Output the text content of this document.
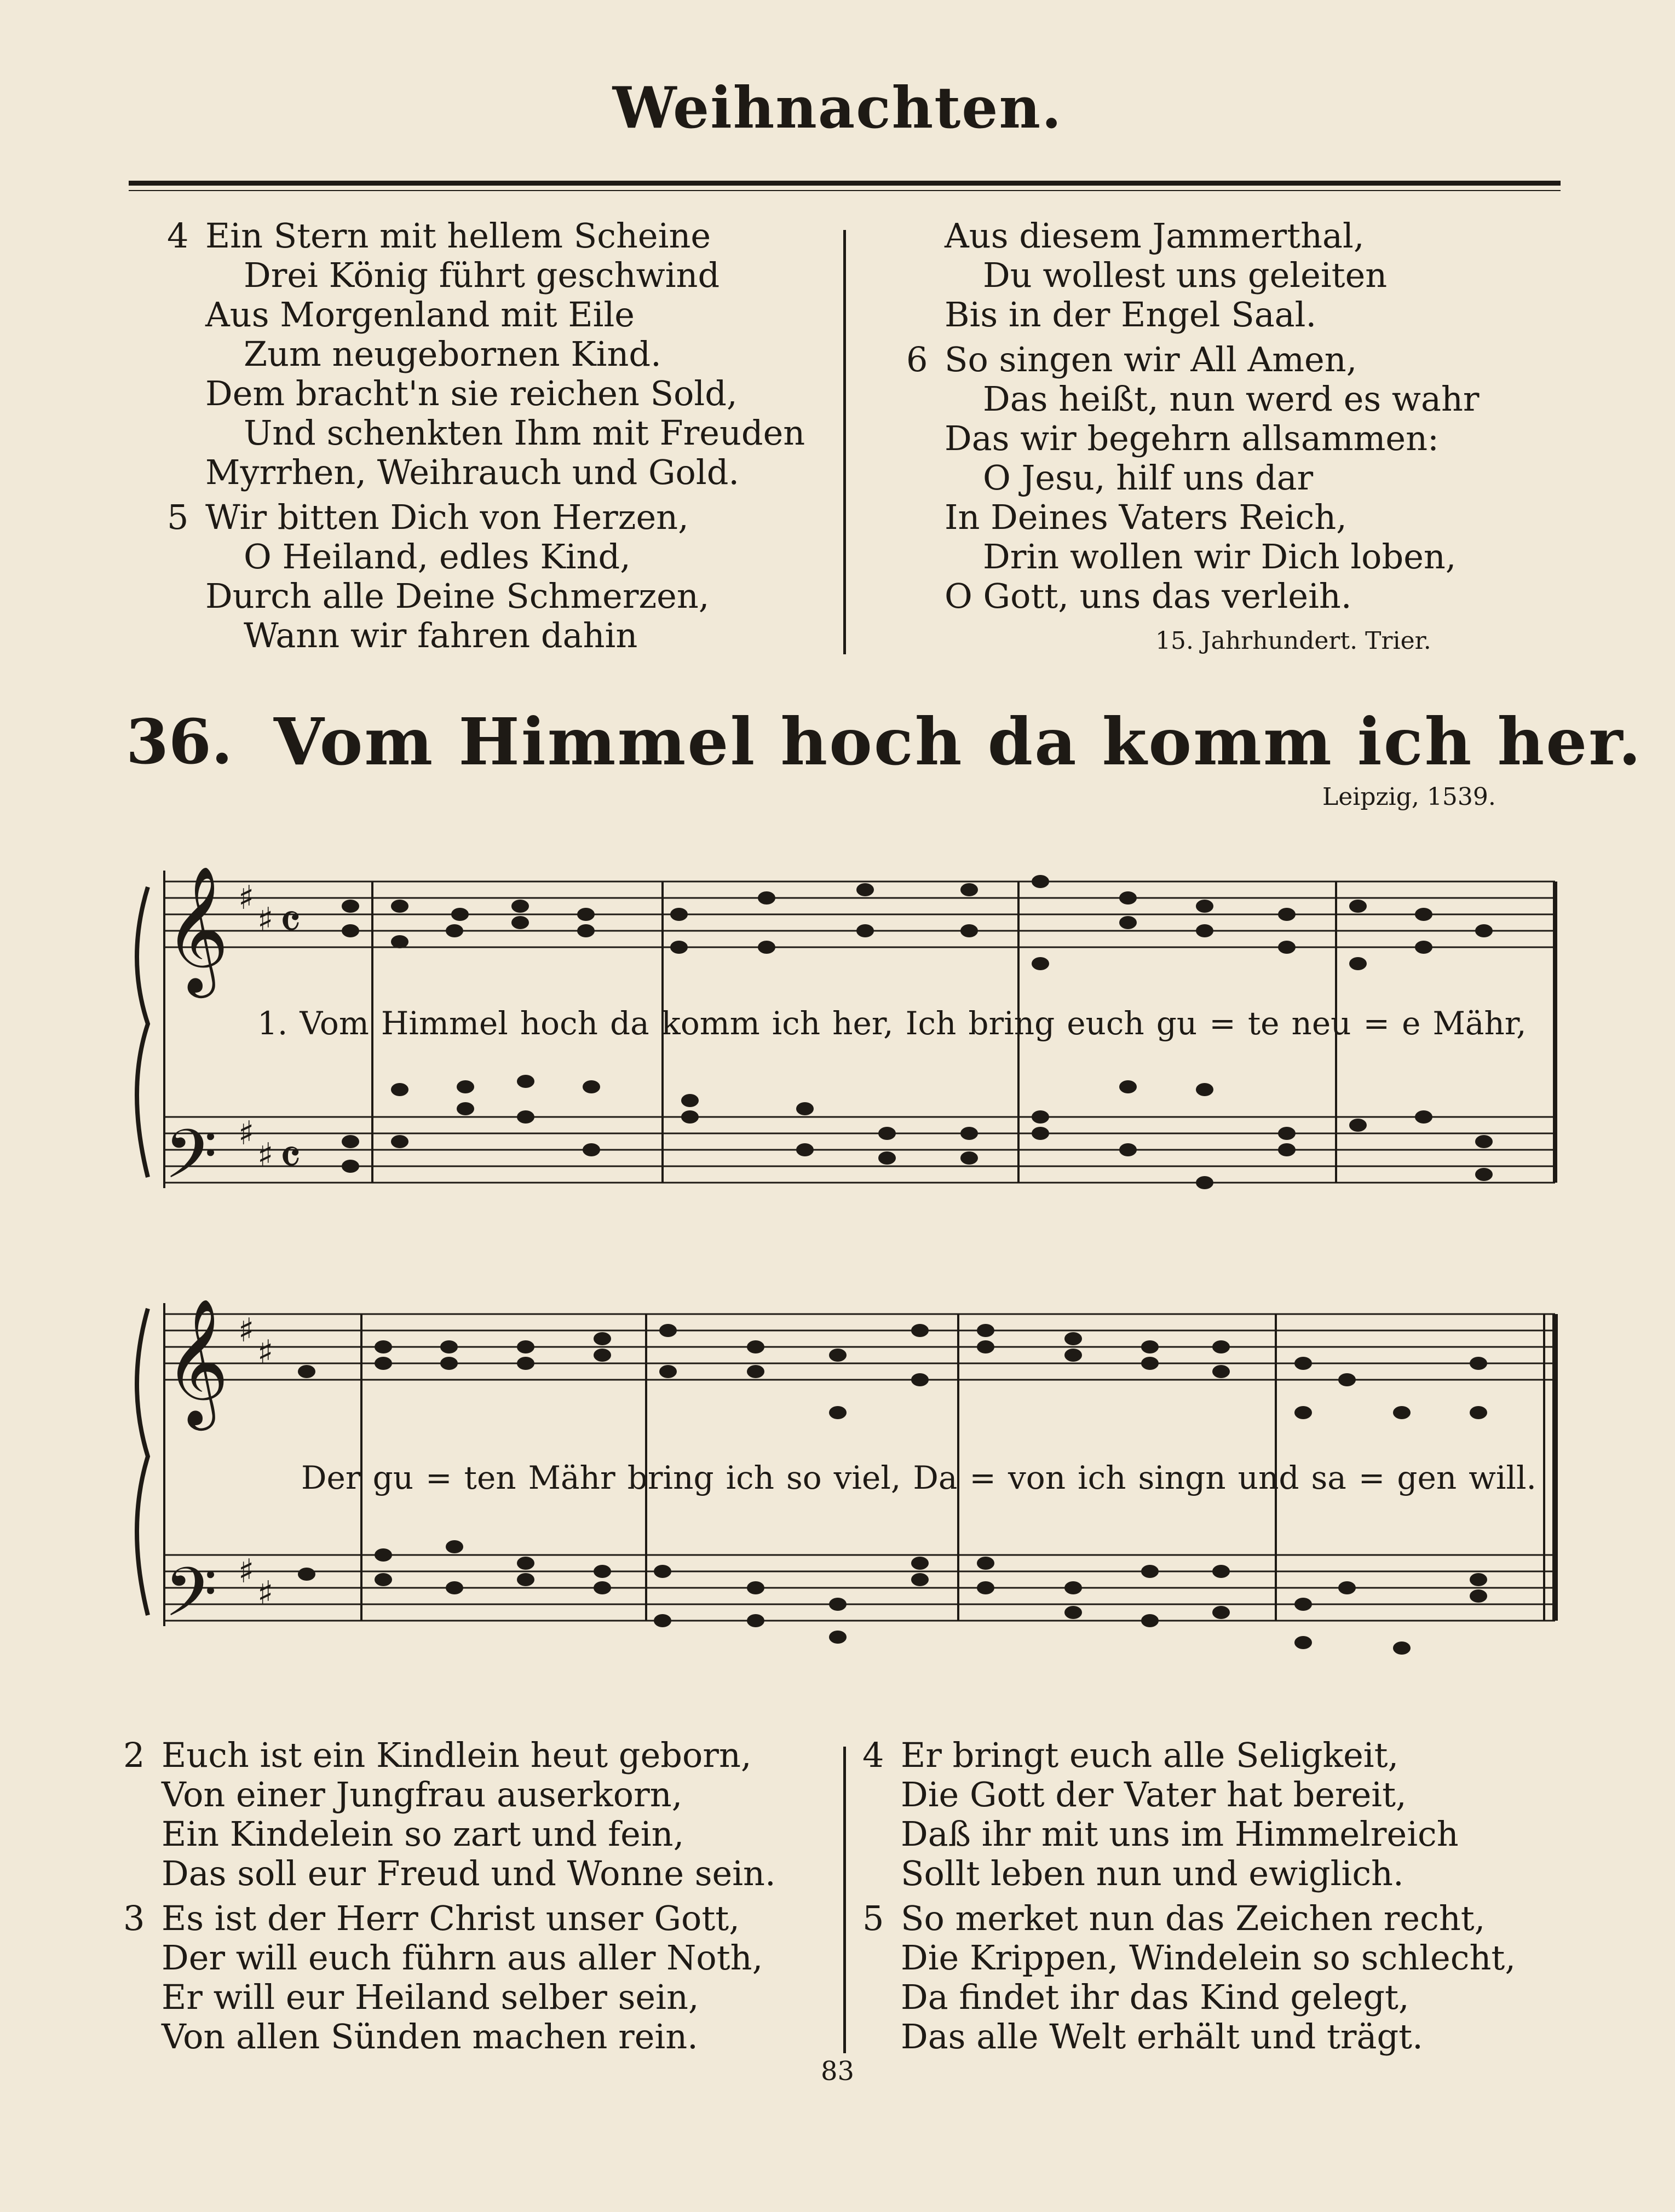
Weihnachten.
4 Ein Stern mit hellem Scheine
Drei König führt geschwind
Aus Morgenland mit Eile
Zum neugebornen Kind.
Dem bracht'n sie reichen Sold,
Und schenkten Ihm mit Freuden
Myrrhen, Weihrauch und Gold.
5 Wir bitten Dich von Herzen,
O Heiland, edles Kind,
Durch alle Deine Schmerzen,
Wann wir fahren dahin
Aus diesem Jammerthal,
Du wollest uns geleiten
Bis in der Engel Saal.
6 So singen wir All Amen,
Das heißt, nun werd es wahr
Das wir begehrn allsammen:
O Jesu, hilf uns dar
In Deines Vaters Reich,
Drin wollen wir Dich loben,
O Gott, uns das verleih.
15. Jahrhundert. Trier.
36. Vom Himmel hoch da komm ich her.
Leipzig, 1539.
𝄞
𝄢
𝄞
𝄢
♯
♯ 𝄴
♯
♯ 𝄴
♯
♯
♯
♯
1. Vom Himmel hoch da komm ich her, Ich bring euch gu = te neu = e Mähr,
Der gu = ten Mähr bring ich so viel, Da = von ich singn und sa = gen will.
2 Euch ist ein Kindlein heut geborn,
Von einer Jungfrau auserkorn,
Ein Kindelein so zart und fein,
Das soll eur Freud und Wonne sein.
3 Es ist der Herr Christ unser Gott,
Der will euch führn aus aller Noth,
Er will eur Heiland selber sein,
Von allen Sünden machen rein.
4 Er bringt euch alle Seligkeit,
Die Gott der Vater hat bereit,
Daß ihr mit uns im Himmelreich
Sollt leben nun und ewiglich.
5 So merket nun das Zeichen recht,
Die Krippen, Windelein so schlecht,
Da findet ihr das Kind gelegt,
Das alle Welt erhält und trägt.
83
